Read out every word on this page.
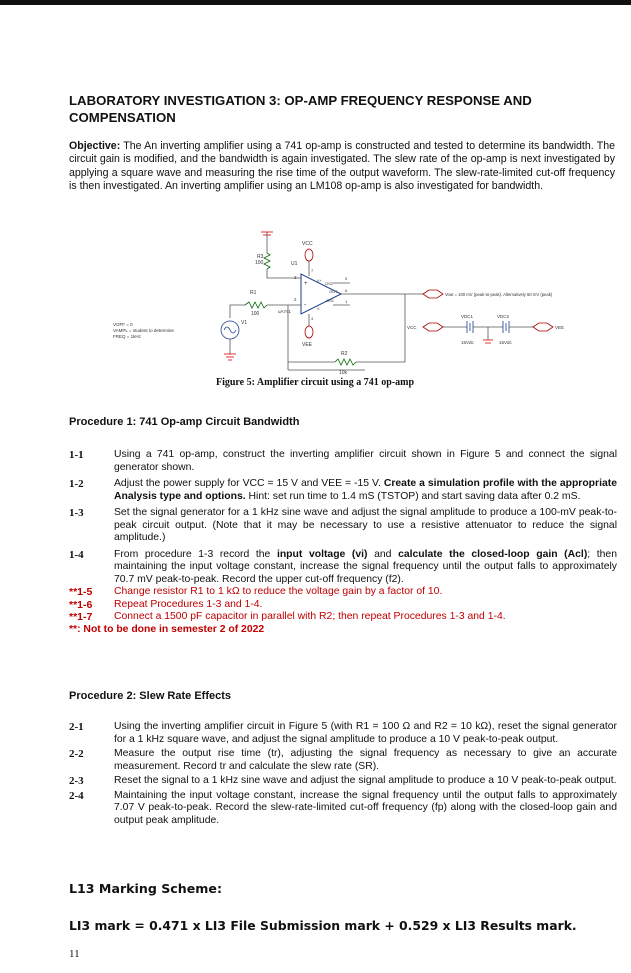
LABORATORY INVESTIGATION 3: OP-AMP FREQUENCY RESPONSE AND COMPENSATION

Objective: The An inverting amplifier using a 741 op-amp is constructed and tested to determine its bandwidth. The circuit gain is modified, and the bandwidth is again investigated. The slew rate of the op-amp is next investigated by applying a square wave and measuring the rise time of the output waveform. The slew-rate-limited cut-off frequency is then investigated. An inverting amplifier using an LM108 op-amp is also investigated for bandwidth.

R3
100
VCC
U1
+
-
3
2
7
V+
V-
4
OS2
OUT
OS1
5
6
1
uA741
Vout = 100 mV (peak-to-peak). Alternatively 50 mV (peak)
VEE
R1
100
R2
10k
V1
VOFF = 0
VAMPL = student to determine
FREQ = 1kHz
VCC
VDC1
15Vdc
VDC2
15Vdc
VEE

Figure 5: Amplifier circuit using a 741 op-amp

Procedure 1: 741 Op-amp Circuit Bandwidth
1-1	Using a 741 op-amp, construct the inverting amplifier circuit shown in Figure 5 and connect the signal generator shown.
1-2	Adjust the power supply for VCC = 15 V and VEE = -15 V. Create a simulation profile with the appropriate Analysis type and options. Hint: set run time to 1.4 mS (TSTOP) and start saving data after 0.2 mS.
1-3	Set the signal generator for a 1 kHz sine wave and adjust the signal amplitude to produce a 100-mV peak-to-peak circuit output. (Note that it may be necessary to use a resistive attenuator to reduce the signal amplitude.)
1-4	From procedure 1-3 record the input voltage (vi) and calculate the closed-loop gain (Acl); then maintaining the input voltage constant, increase the signal frequency until the output falls to approximately 70.7 mV peak-to-peak. Record the upper cut-off frequency (f2).
**1-5 Change resistor R1 to 1 kΩ to reduce the voltage gain by a factor of 10.
**1-6 Repeat Procedures 1-3 and 1-4.
**1-7 Connect a 1500 pF capacitor in parallel with R2; then repeat Procedures 1-3 and 1-4.
**: Not to be done in semester 2 of 2022
Procedure 2: Slew Rate Effects
2-1	Using the inverting amplifier circuit in Figure 5 (with R1 = 100 Ω and R2 = 10 kΩ), reset the signal generator for a 1 kHz square wave, and adjust the signal amplitude to produce a 10 V peak-to-peak output.
2-2	Measure the output rise time (tr), adjusting the signal frequency as necessary to give an accurate measurement. Record tr and calculate the slew rate (SR).
2-3	Reset the signal to a 1 kHz sine wave and adjust the signal amplitude to produce a 10 V peak-to-peak output.
2-4	Maintaining the input voltage constant, increase the signal frequency until the output falls to approximately 7.07 V peak-to-peak. Record the slew-rate-limited cut-off frequency (fp) along with the closed-loop gain and output peak amplitude.
L13 Marking Scheme:

LI3 mark = 0.471 x LI3 File Submission mark + 0.529 x LI3 Results mark.

11
